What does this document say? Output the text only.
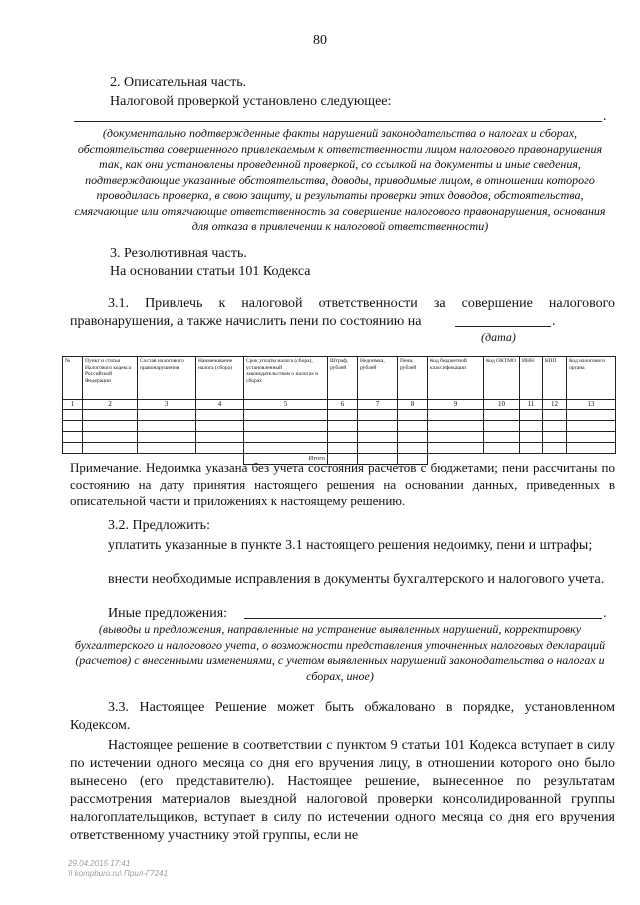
80
2. Описательная часть.
Налоговой проверкой установлено следующее:
.
(документально подтвержденные факты нарушений законодательства о налогах и сборах, обстоятельства совершенного привлекаемым к ответственности лицом налогового правонарушения так, как они установлены проведенной проверкой, со ссылкой на документы и иные сведения, подтверждающие указанные обстоятельства, доводы, приводимые лицом, в отношении которого проводилась проверка, в свою защиту, и результаты проверки этих доводов, обстоятельства, смягчающие или отягчающие ответственность за совершение налогового правонарушения, основания для отказа в привлечении к налоговой ответственности)
3. Резолютивная часть.
На основании статьи 101 Кодекса
3.1. Привлечь к налоговой ответственности за совершение налогового правонарушения, а также начислить пени по состоянию на	.
(дата)
№	Пункт и статья Налогового кодекса Российской Федерации	Состав налогового правонарушения	Наименование налога (сбора)	Срок уплаты налога (сбора), установленный законодательством о налогах и сборах	Штраф, рублей	Недоимка, рублей	Пени, рублей	Код бюджетной классификации	Код ОКТМО	ИНН	КПП	Код налогового органа
1	2	3	4	5	6	7	8	9	10	11	12	13

				Итого								
Примечание. Недоимка указана без учета состояния расчетов с бюджетами; пени рассчитаны по состоянию на дату принятия настоящего решения на основании данных, приведенных в описательной части и приложениях к настоящему решению.
3.2. Предложить:
уплатить указанные в пункте 3.1 настоящего решения недоимку, пени и штрафы;
внести необходимые исправления в документы бухгалтерского и налогового учета.
Иные предложения:	.
(выводы и предложения, направленные на устранение выявленных нарушений, корректировку бухгалтерского и налогового учета, о возможности представления уточненных налоговых деклараций (расчетов) с внесенными изменениями, с учетом выявленных нарушений законодательства о налогах и сборах, иное)
3.3. Настоящее Решение может быть обжаловано в порядке, установленном Кодексом.
Настоящее решение в соответствии с пунктом 9 статьи 101 Кодекса вступает в силу по истечении одного месяца со дня его вручения лицу, в отношении которого оно было вынесено (его представителю). Настоящее решение, вынесенное по результатам рассмотрения материалов выездной налоговой проверки консолидированной группы налогоплательщиков, вступает в силу по истечении одного месяца со дня его вручения ответственному участнику этой группы, если не
29.04.2015 17:41
\\ kompburo.ru\ Прил-Г7241
